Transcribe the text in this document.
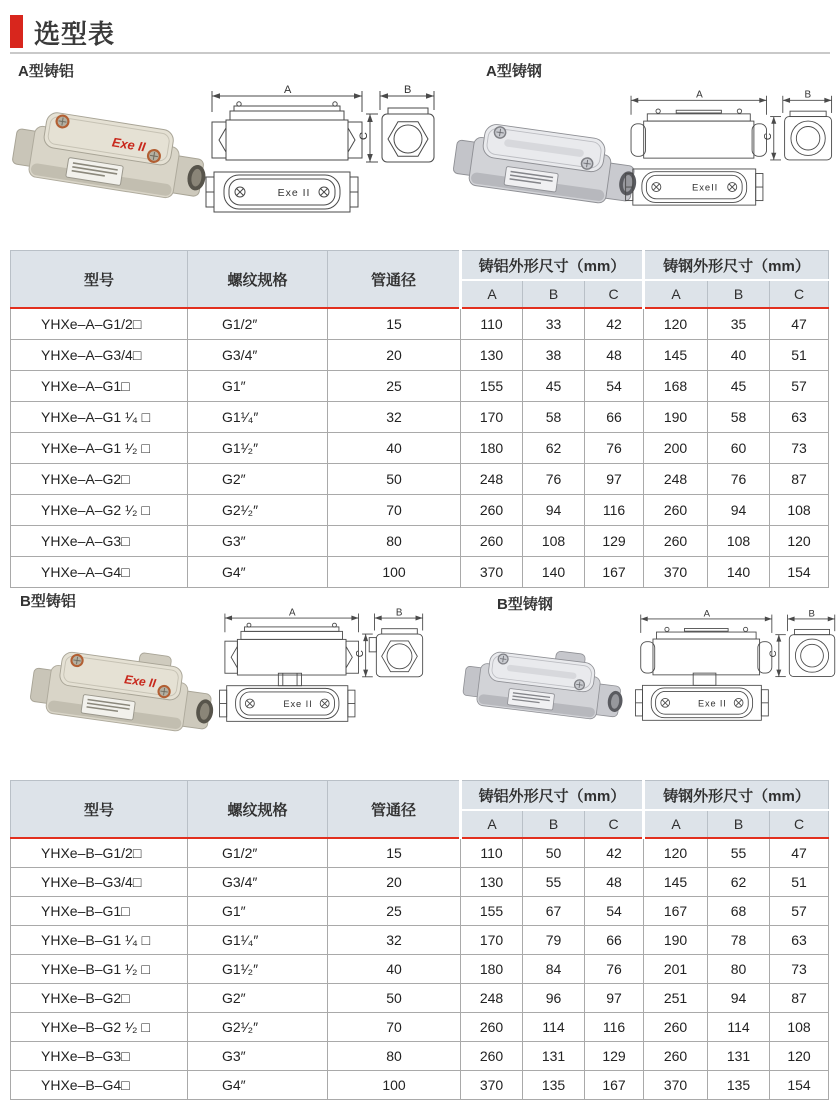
选型表
A型铸铝	A型铸钢
B型铸铝	B型铸钢
Exe II
A	B
C
Exe II
A	B
C
ExeII
Exe II
A	B
C
Exe II
A	B
C
Exe II
型号	螺纹规格	管通径	铸铝外形尺寸（mm）			铸钢外形尺寸（mm）		
			A	B	C	A	B	C
YHXe–A–G1/2□	G1/2″	15	110	33	42	120	35	47
YHXe–A–G3/4□	G3/4″	20	130	38	48	145	40	51
YHXe–A–G1□	G1″	25	155	45	54	168	45	57
YHXe–A–G1 ¹⁄₄ □	G1¹⁄₄″	32	170	58	66	190	58	63
YHXe–A–G1 ¹⁄₂ □	G1¹⁄₂″	40	180	62	76	200	60	73
YHXe–A–G2□	G2″	50	248	76	97	248	76	87
YHXe–A–G2 ¹⁄₂ □	G2¹⁄₂″	70	260	94	116	260	94	108
YHXe–A–G3□	G3″	80	260	108	129	260	108	120
YHXe–A–G4□	G4″	100	370	140	167	370	140	154
型号	螺纹规格	管通径	铸铝外形尺寸（mm）			铸钢外形尺寸（mm）		
			A	B	C	A	B	C
YHXe–B–G1/2□	G1/2″	15	110	50	42	120	55	47
YHXe–B–G3/4□	G3/4″	20	130	55	48	145	62	51
YHXe–B–G1□	G1″	25	155	67	54	167	68	57
YHXe–B–G1 ¹⁄₄ □	G1¹⁄₄″	32	170	79	66	190	78	63
YHXe–B–G1 ¹⁄₂ □	G1¹⁄₂″	40	180	84	76	201	80	73
YHXe–B–G2□	G2″	50	248	96	97	251	94	87
YHXe–B–G2 ¹⁄₂ □	G2¹⁄₂″	70	260	114	116	260	114	108
YHXe–B–G3□	G3″	80	260	131	129	260	131	120
YHXe–B–G4□	G4″	100	370	135	167	370	135	154
